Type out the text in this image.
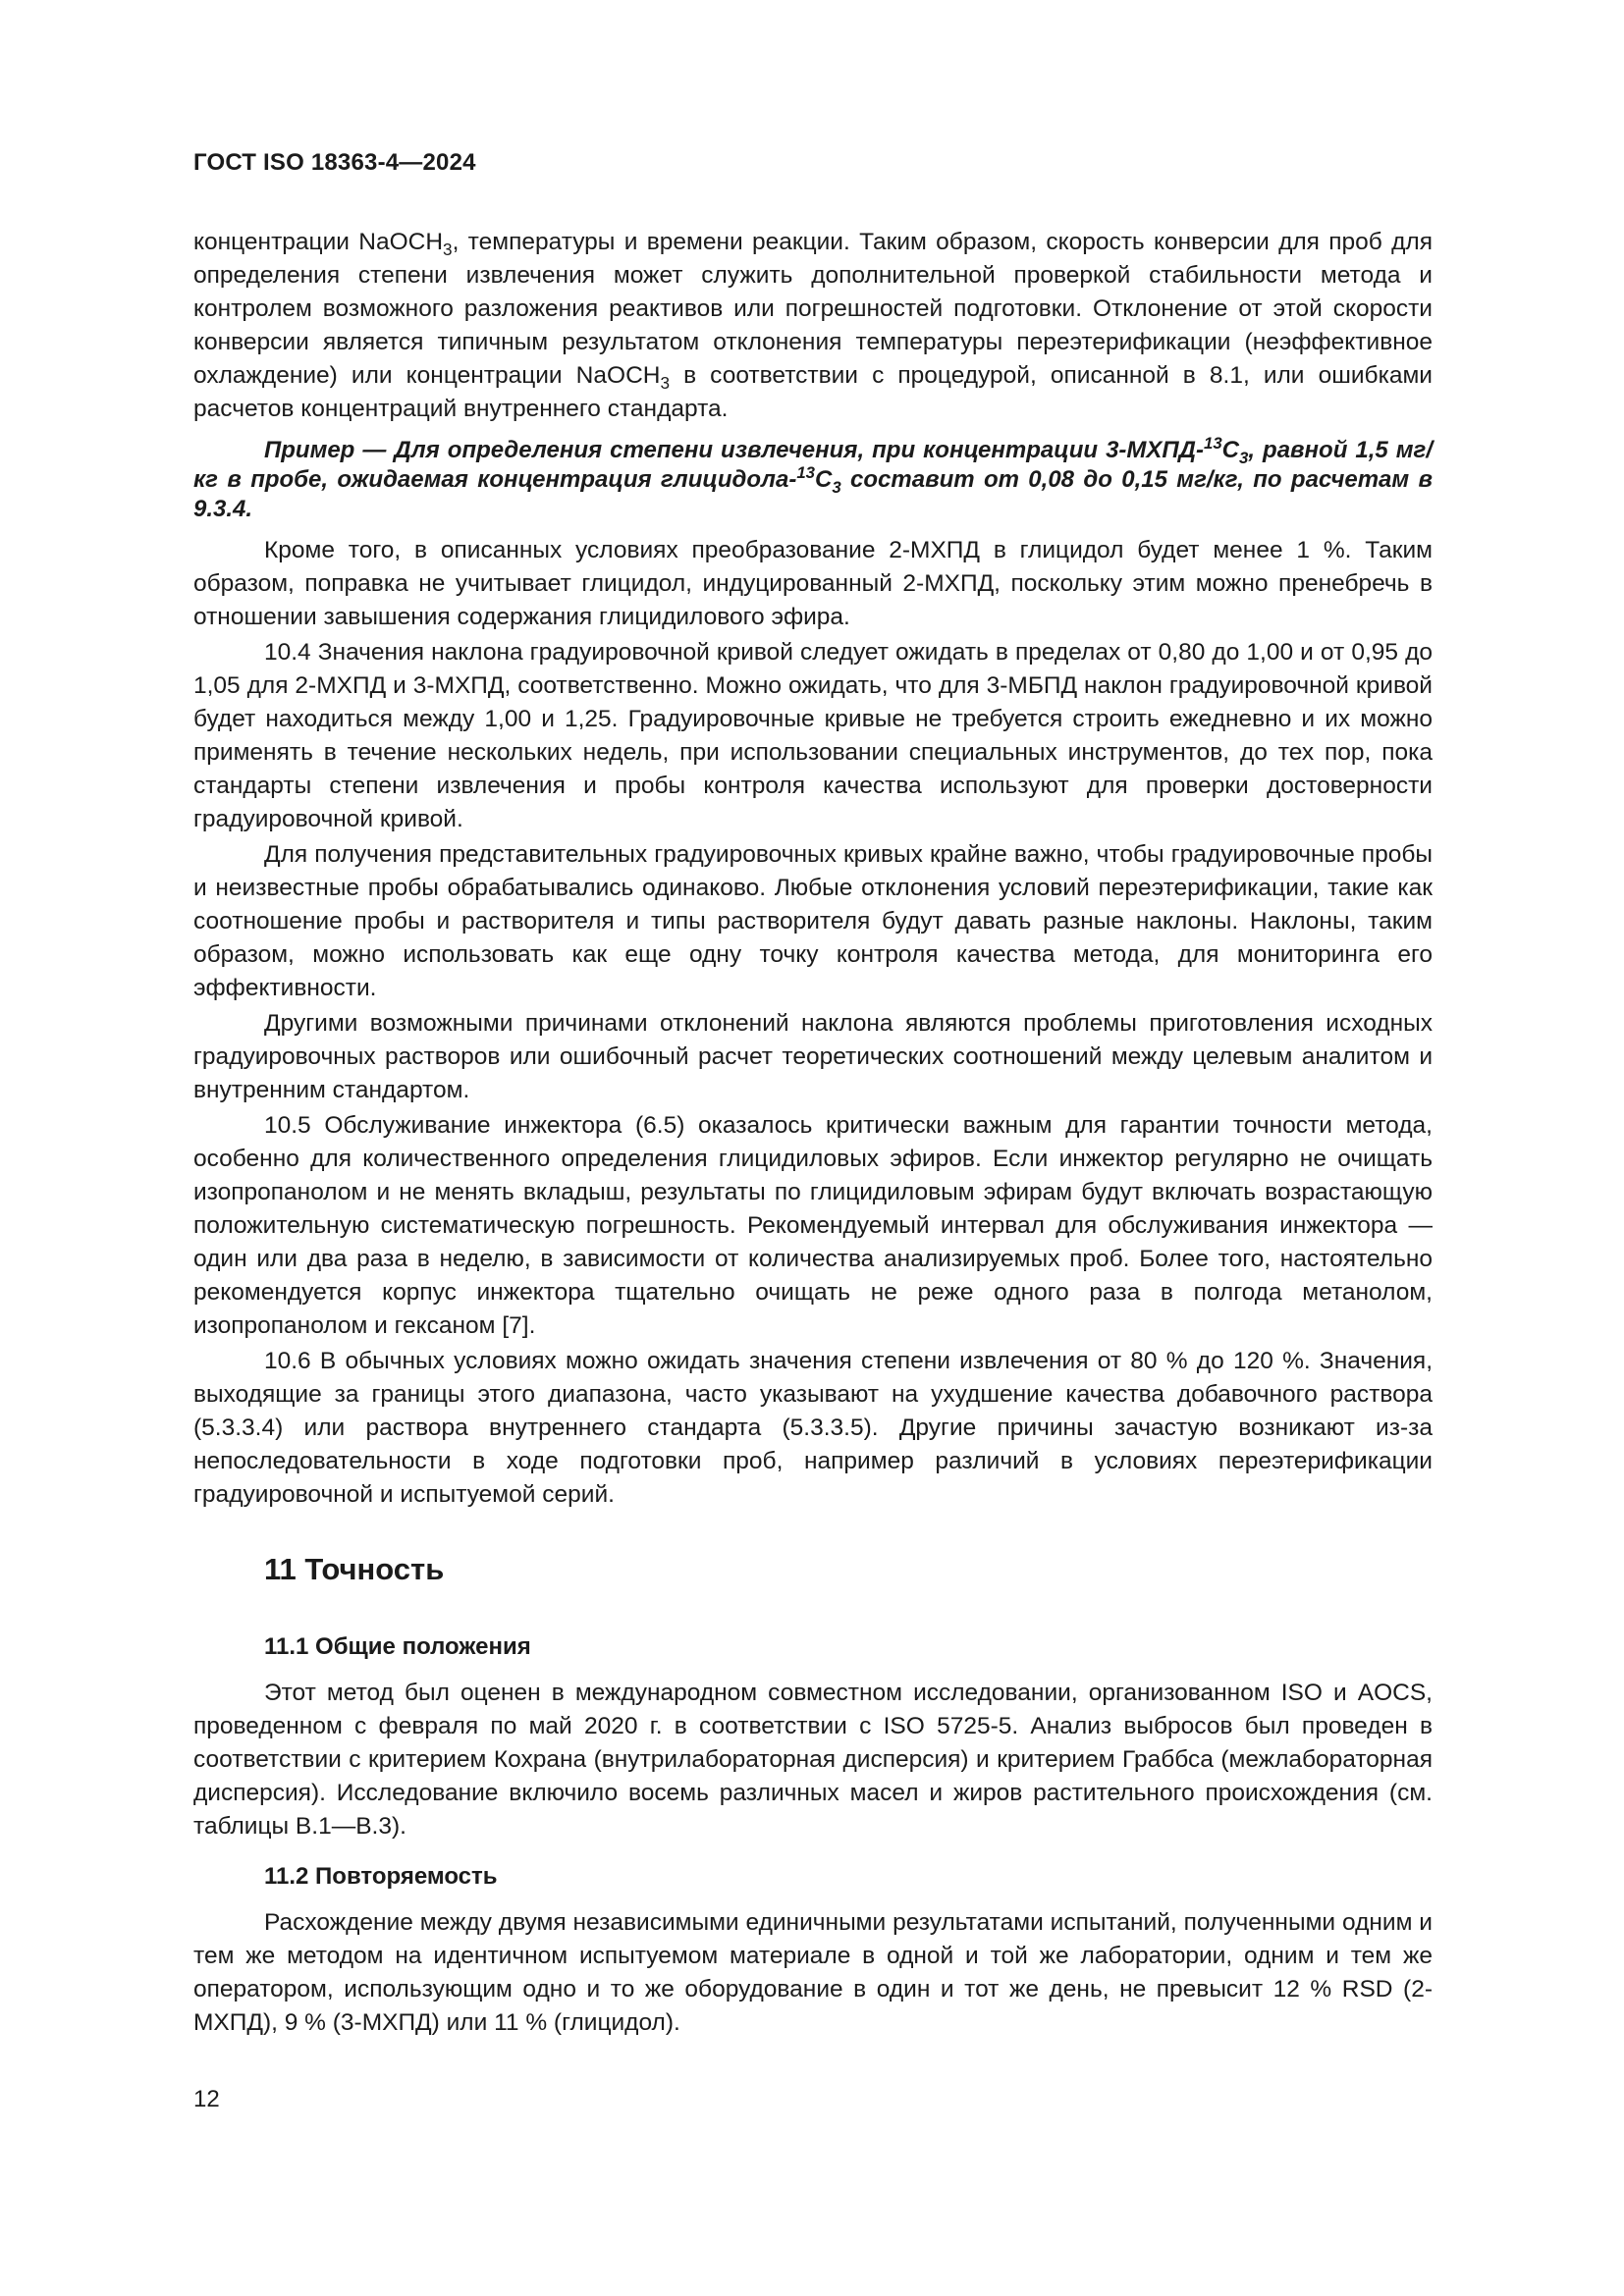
ГОСТ ISO 18363-4—2024

концентрации NaOCH$_3$, температуры и времени реакции. Таким образом, скорость конверсии для проб для определения степени извлечения может служить дополнительной проверкой стабильности метода и контролем возможного разложения реактивов или погрешностей подготовки. Отклонение от этой скорости конверсии является типичным результатом отклонения температуры переэтерификации (неэффективное охлаждение) или концентрации NaOCH$_3$ в соответствии с процедурой, описанной в 8.1, или ошибками расчетов концентраций внутреннего стандарта.

Пример — Для определения степени извлечения, при концентрации $3-МХПД-^{13}C_3$, равной 1,5 мг/кг в пробе, ожидаемая концентрация глицидола-$^{13}C_3$ составит от 0,08 до 0,15 мг/кг, по расчетам в 9.3.4.

Кроме того, в описанных условиях преобразование 2-МХПД в глицидол будет менее 1 %. Таким образом, поправка не учитывает глицидол, индуцированный 2-МХПД, поскольку этим можно пренебречь в отношении завышения содержания глицидилового эфира.

10.4 Значения наклона градуировочной кривой следует ожидать в пределах от 0,80 до 1,00 и от 0,95 до 1,05 для 2-МХПД и 3-МХПД, соответственно. Можно ожидать, что для 3-МБПД наклон градуировочной кривой будет находиться между 1,00 и 1,25. Градуировочные кривые не требуется строить ежедневно и их можно применять в течение нескольких недель, при использовании специальных инструментов, до тех пор, пока стандарты степени извлечения и пробы контроля качества используют для проверки достоверности градуировочной кривой.

Для получения представительных градуировочных кривых крайне важно, чтобы градуировочные пробы и неизвестные пробы обрабатывались одинаково. Любые отклонения условий переэтерификации, такие как соотношение пробы и растворителя и типы растворителя будут давать разные наклоны. Наклоны, таким образом, можно использовать как еще одну точку контроля качества метода, для мониторинга его эффективности.

Другими возможными причинами отклонений наклона являются проблемы приготовления исходных градуировочных растворов или ошибочный расчет теоретических соотношений между целевым аналитом и внутренним стандартом.

10.5 Обслуживание инжектора (6.5) оказалось критически важным для гарантии точности метода, особенно для количественного определения глицидиловых эфиров. Если инжектор регулярно не очищать изопропанолом и не менять вкладыш, результаты по глицидиловым эфирам будут включать возрастающую положительную систематическую погрешность. Рекомендуемый интервал для обслуживания инжектора — один или два раза в неделю, в зависимости от количества анализируемых проб. Более того, настоятельно рекомендуется корпус инжектора тщательно очищать не реже одного раза в полгода метанолом, изопропанолом и гексаном [7].

10.6 В обычных условиях можно ожидать значения степени извлечения от 80 % до 120 %. Значения, выходящие за границы этого диапазона, часто указывают на ухудшение качества добавочного раствора (5.3.3.4) или раствора внутреннего стандарта (5.3.3.5). Другие причины зачастую возникают из-за непоследовательности в ходе подготовки проб, например различий в условиях переэтерификации градуировочной и испытуемой серий.

11 Точность
11.1 Общие положения

Этот метод был оценен в международном совместном исследовании, организованном ISO и AOCS, проведенном с февраля по май 2020 г. в соответствии с ISO 5725-5. Анализ выбросов был проведен в соответствии с критерием Кохрана (внутрилабораторная дисперсия) и критерием Граббса (межлабораторная дисперсия). Исследование включило восемь различных масел и жиров растительного происхождения (см. таблицы В.1—В.3).

11.2 Повторяемость

Расхождение между двумя независимыми единичными результатами испытаний, полученными одним и тем же методом на идентичном испытуемом материале в одной и той же лаборатории, одним и тем же оператором, использующим одно и то же оборудование в один и тот же день, не превысит 12 % RSD (2-МХПД), 9 % (3-МХПД) или 11 % (глицидол).

12
